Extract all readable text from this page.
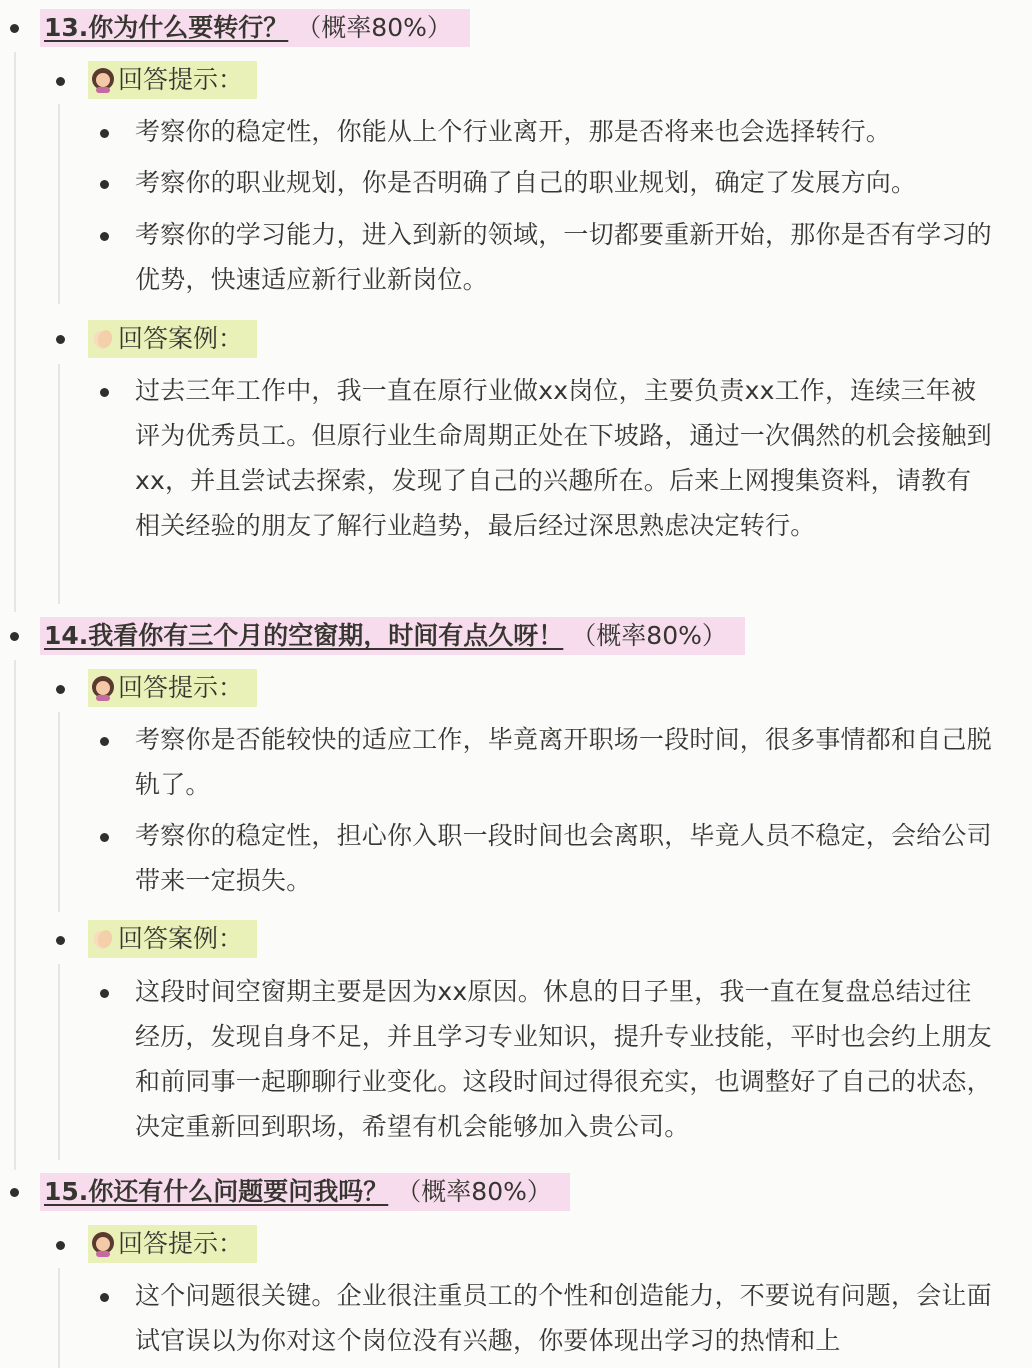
13.你为什么要转行？ （概率80%）
回答提示：
考察你的稳定性，你能从上个行业离开，那是否将来也会选择转行。
考察你的职业规划，你是否明确了自己的职业规划，确定了发展方向。
考察你的学习能力，进入到新的领域，一切都要重新开始，那你是否有学习的优势，快速适应新行业新岗位。
回答案例：
过去三年工作中，我一直在原行业做xx岗位，主要负责xx工作，连续三年被评为优秀员工。但原行业生命周期正处在下坡路，通过一次偶然的机会接触到xx，并且尝试去探索，发现了自己的兴趣所在。后来上网搜集资料，请教有相关经验的朋友了解行业趋势，最后经过深思熟虑决定转行。
14.我看你有三个月的空窗期，时间有点久呀！ （概率80%）
回答提示：
考察你是否能较快的适应工作，毕竟离开职场一段时间，很多事情都和自己脱轨了。
考察你的稳定性，担心你入职一段时间也会离职，毕竟人员不稳定，会给公司带来一定损失。
回答案例：
这段时间空窗期主要是因为xx原因。休息的日子里，我一直在复盘总结过往经历，发现自身不足，并且学习专业知识，提升专业技能，平时也会约上朋友和前同事一起聊聊行业变化。这段时间过得很充实，也调整好了自己的状态，决定重新回到职场，希望有机会能够加入贵公司。
15.你还有什么问题要问我吗？ （概率80%）
回答提示：
这个问题很关键。企业很注重员工的个性和创造能力，不要说有问题，会让面试官误以为你对这个岗位没有兴趣，你要体现出学习的热情和上
